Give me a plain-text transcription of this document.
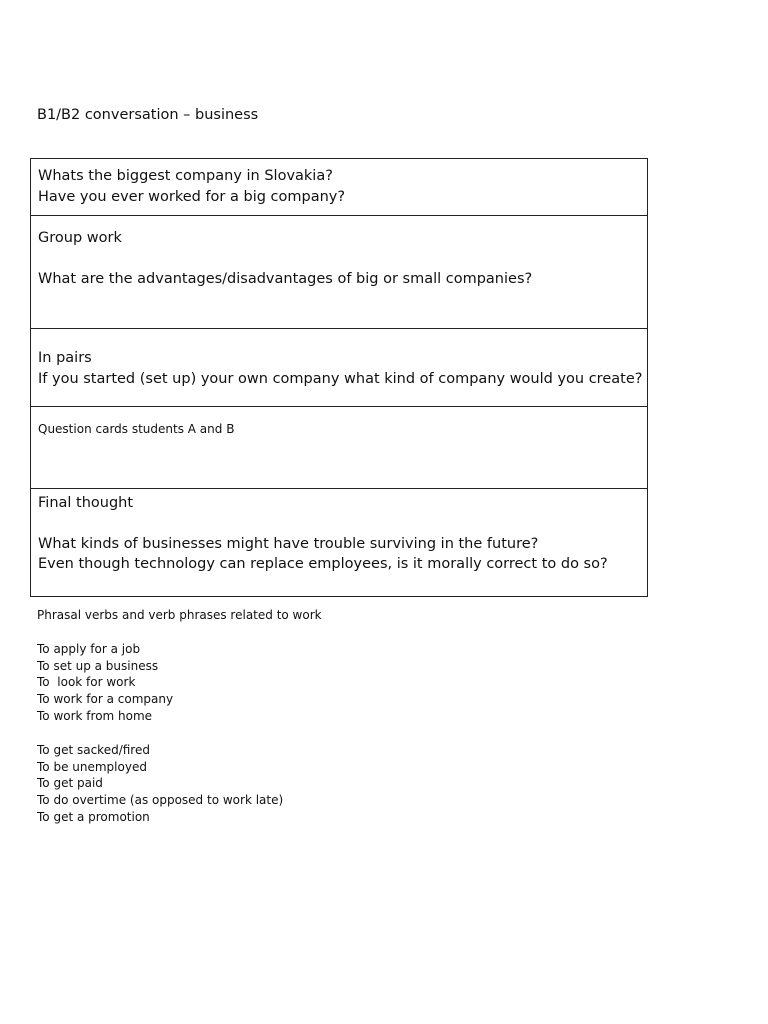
B1/B2 conversation – business

Whats the biggest company in Slovakia?

Have you ever worked for a big company?

Group work

What are the advantages/disadvantages of big or small companies?

In pairs

If you started (set up) your own company what kind of company would you create?

Question cards students A and B

Final thought

What kinds of businesses might have trouble surviving in the future?

Even though technology can replace employees, is it morally correct to do so?

Phrasal verbs and verb phrases related to work

To apply for a job

To set up a business

To  look for work

To work for a company

To work from home

To get sacked/fired

To be unemployed

To get paid

To do overtime (as opposed to work late)

To get a promotion
